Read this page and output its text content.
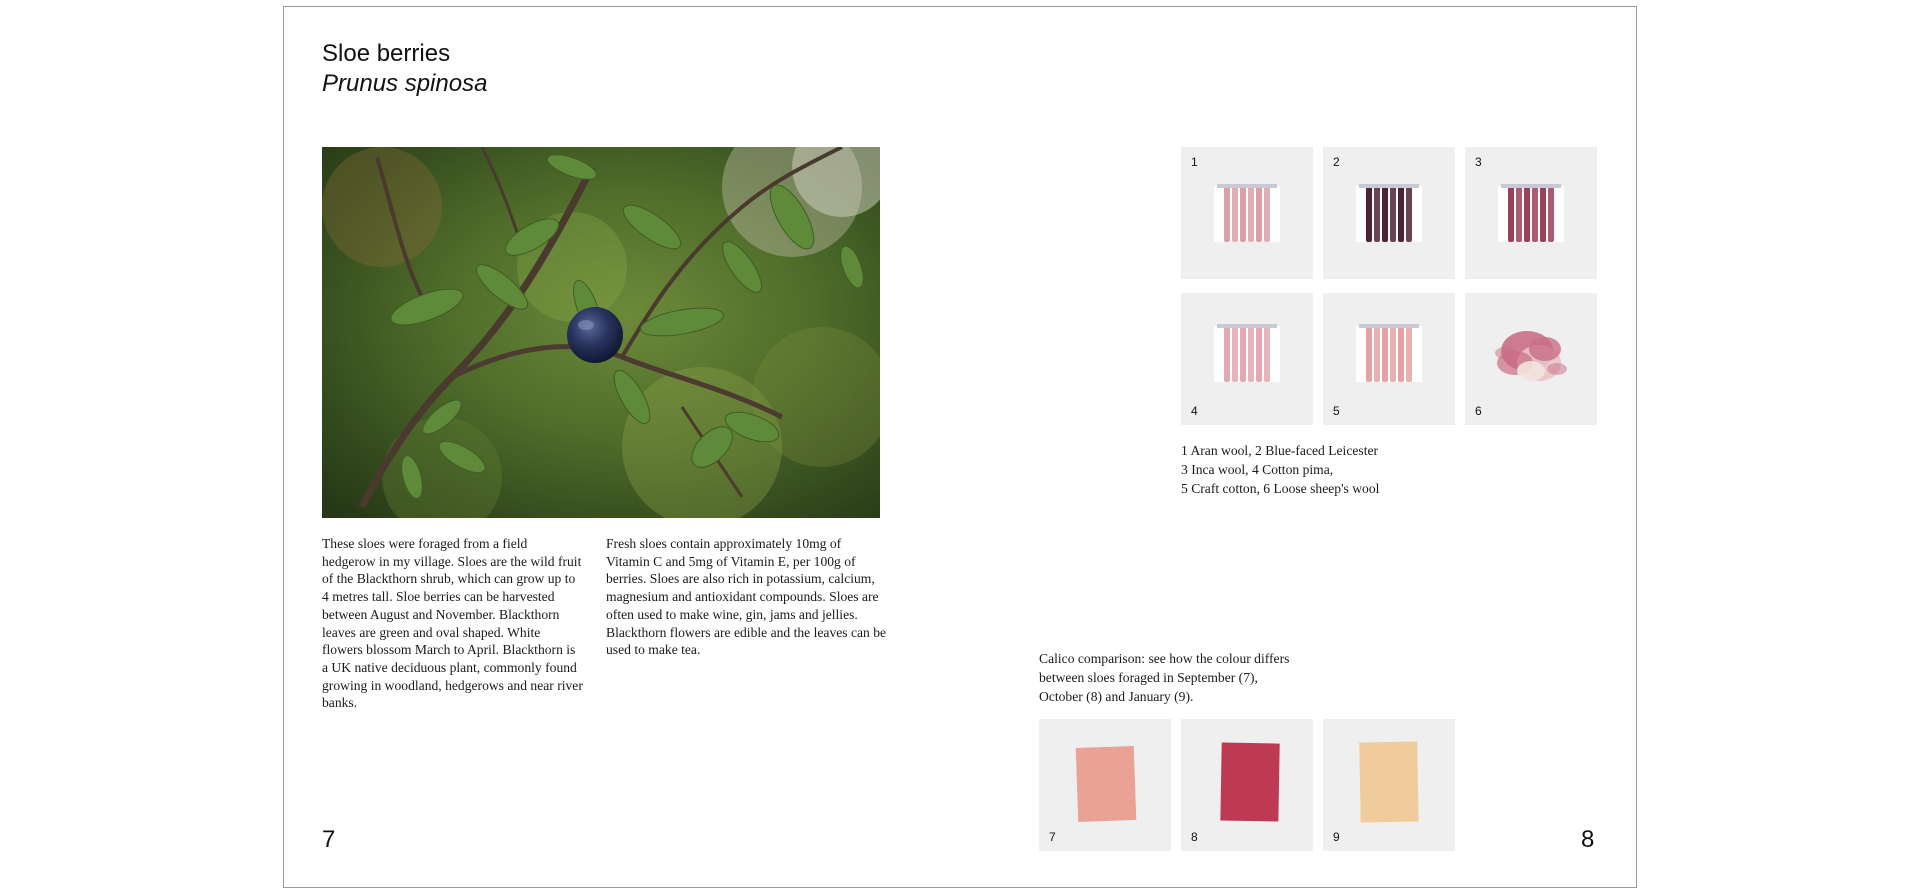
Sloe berries
Prunus spinosa

These sloes were foraged from a field hedgerow in my village. Sloes are the wild fruit of the Blackthorn shrub, which can grow up to 4 metres tall. Sloe berries can be harvested between August and November. Blackthorn leaves are green and oval shaped. White flowers blossom March to April. Blackthorn is a UK native deciduous plant, commonly found growing in woodland, hedgerows and near river banks.

Fresh sloes contain approximately 10mg of Vitamin C and 5mg of Vitamin E, per 100g of berries. Sloes are also rich in potassium, calcium, magnesium and antioxidant compounds. Sloes are often used to make wine, gin, jams and jellies. Blackthorn flowers are edible and the leaves can be used to make tea.

7
1	2	3
4	5	6
1 Aran wool, 2 Blue-faced Leicester
3 Inca wool, 4 Cotton pima,
5 Craft cotton, 6 Loose sheep's wool
Calico comparison: see how the colour differs
between sloes foraged in September (7),
October (8) and January (9).
7	8	9	8
